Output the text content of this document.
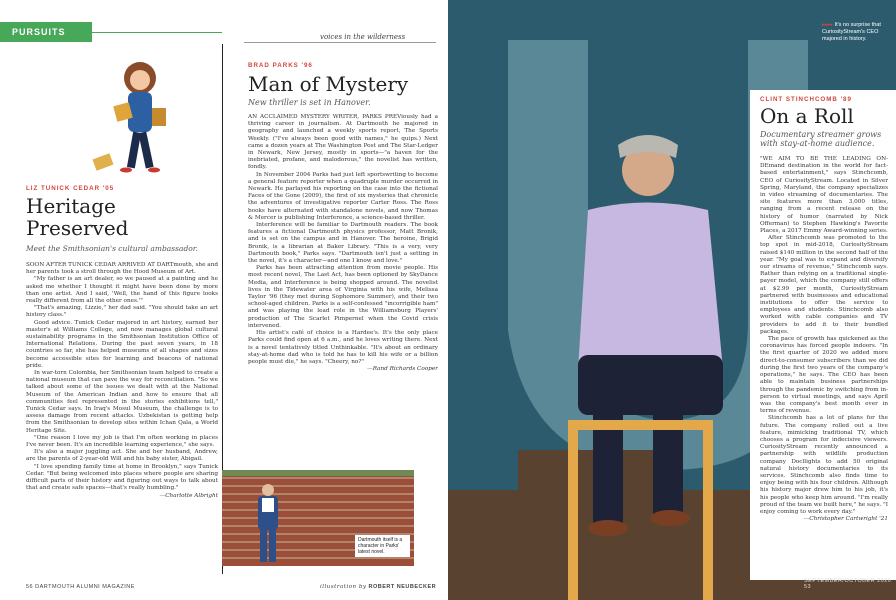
PURSUITS
LIZ TUNICK CEDAR '05
Heritage
Preserved
Meet the Smithsonian's cultural ambassador.

SOON AFTER TUNICK CEDAR ARRIVED AT DARTmouth, she and her parents took a stroll through the Hood Museum of Art.

"My father is an art dealer, so we paused at a painting and he asked me whether I thought it might have been done by more than one artist. And I said, 'Well, the hand of this figure looks really different from all the other ones.'"

"That's amazing, Lizzie," her dad said. "You should take an art history class."

Good advice. Tunick Cedar majored in art history, earned her master's at Williams College, and now manages global cultural sustainability programs in the Smithsonian Institution Office of International Relations. During the past seven years, in 18 countries so far, she has helped museums of all shapes and sizes become accessible sites for learning and beacons of national pride.

In war-torn Colombia, her Smithsonian team helped to create a national museum that can pave the way for reconciliation. "So we talked about some of the issues we dealt with at the National Museum of the American Indian and how to ensure that all communities feel represented in the stories exhibitions tell," Tunick Cedar says. In Iraq's Mosul Museum, the challenge is to assess damage from recent attacks. Uzbekistan is getting help from the Smithsonian to develop sites within Ichan Qala, a World Heritage Site.

"One reason I love my job is that I'm often working in places I've never been. It's an incredible learning experience," she says.

It's also a major juggling act. She and her husband, Andrew, are the parents of 2-year-old Will and his baby sister, Abigail.

"I love spending family time at home in Brooklyn," says Tunick Cedar. "But being welcomed into places where people are sharing difficult parts of their history and figuring out ways to talk about that and create safe spaces—that's really humbling."

—Charlotte Albright
voices in the wilderness
BRAD PARKS '96
Man of Mystery
New thriller is set in Hanover.

AN ACCLAIMED MYSTERY WRITER, PARKS PREViously had a thriving career in journalism. At Dartmouth he majored in geography and launched a weekly sports report, The Sports Weekly. ("I've always been good with names," he quips.) Next came a dozen years at The Washington Post and The Star-Ledger in Newark, New Jersey, mostly in sports—"a haven for the inebriated, profane, and malodorous," the novelist has written, fondly.

In November 2004 Parks had just left sportswriting to become a general feature reporter when a quadruple murder occurred in Newark. He parlayed his reporting on the case into the fictional Faces of the Gone (2009), the first of six mysteries that chronicle the adventures of investigative reporter Carter Ross. The Ross books have alternated with standalone novels, and now Thomas & Mercer is publishing Interference, a science-based thriller.

Interference will be familiar to Dartmouth readers. The book features a fictional Dartmouth physics professor, Matt Bronik, and is set on the campus and in Hanover. The heroine, Brigid Bronik, is a librarian at Baker Library. "This is a very, very Dartmouth book," Parks says. "Dartmouth isn't just a setting in the novel, it's a character—and one I know and love."

Parks has been attracting attention from movie people. His most recent novel, The Last Act, has been optioned by SkyDance Media, and Interference is being shopped around. The novelist lives in the Tidewater area of Virginia with his wife, Melissa Taylor '96 (they met during Sophomore Summer), and their two school-aged children. Parks is a self-confessed "incorrigible ham" and was playing the lead role in the Williamsburg Players' production of The Scarlet Pimpernel when the Covid crisis intervened.

His artist's café of choice is a Hardee's. It's the only place Parks could find open at 6 a.m., and he loves writing there. Next is a novel tentatively titled Unthinkable. "It's about an ordinary stay-at-home dad who is told he has to kill his wife or a billion people must die," he says. "Cheery, no?"

—Rand Richards Cooper
Dartmouth itself is a character in Parks' latest novel.
56 DARTMOUTH ALUMNI MAGAZINE	illustration by ROBERT NEUBECKER
▸▸▸▸ It's no surprise that CuriosityStream's CEO majored in history.
CLINT STINCHCOMB '89
On a Roll
Documentary streamer grows with stay-at-home audience.

"WE AIM TO BE THE LEADING ON-DEmand destination in the world for fact-based entertainment," says Stinchcomb, CEO of CuriosityStream. Located in Silver Spring, Maryland, the company specializes in video streaming of documentaries. The site features more than 3,000 titles, ranging from a recent release on the history of humor (narrated by Nick Offerman) to Stephen Hawking's Favorite Places, a 2017 Emmy Award-winning series.

After Stinchcomb was promoted to the top spot in mid-2018, CuriosityStream raised $140 million in the second half of the year. "My goal was to expand and diversify our streams of revenue," Stinchcomb says. Rather than relying on a traditional single-payer model, which the company still offers at $2.99 per month, CuriosityStream partnered with businesses and educational institutions to offer the service to employees and students. Stinchcomb also worked with cable companies and TV providers to add it to their bundled packages.

The pace of growth has quickened as the coronavirus has forced people indoors. "In the first quarter of 2020 we added more direct-to-consumer subscribers than we did during the first two years of the company's operations," he says. The CEO has been able to maintain business partnerships through the pandemic by switching from in-person to virtual meetings, and says April was the company's best month ever in terms of revenue.

Stinchcomb has a lot of plans for the future. The company rolled out a live feature, mimicking traditional TV, which chooses a program for indecisive viewers. CuriosityStream recently announced a partnership with wildlife production company Docllights to add 50 original natural history documentaries to its services. Stinchcomb also finds time to enjoy being with his four children. Although his history major drew him to his job, it's his people who keep him around. "I'm really proud of the team we built here," he says. "I enjoy coming to work every day."

—Christopher Cartwright '21
SEPTEMBER/OCTOBER 2020 53
